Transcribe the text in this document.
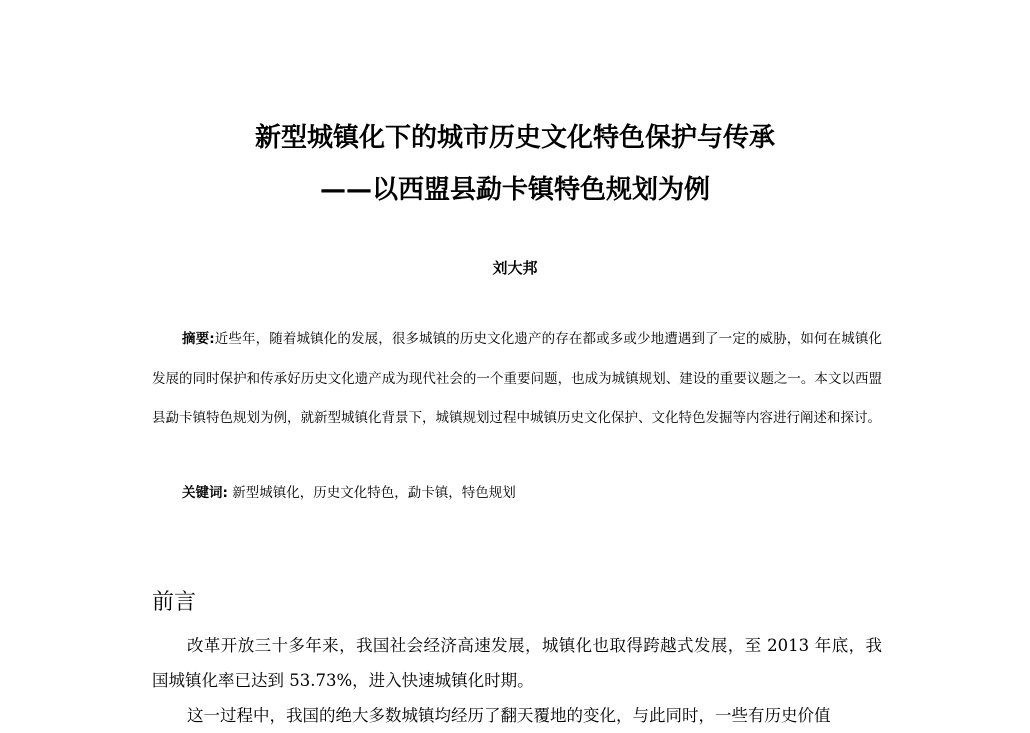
新型城镇化下的城市历史文化特色保护与传承
——以西盟县勐卡镇特色规划为例
刘大邦

摘要:近些年，随着城镇化的发展，很多城镇的历史文化遗产的存在都或多或少地遭遇到了一定的威胁，如何在城镇化发展的同时保护和传承好历史文化遗产成为现代社会的一个重要问题，也成为城镇规划、建设的重要议题之一。本文以西盟县勐卡镇特色规划为例，就新型城镇化背景下，城镇规划过程中城镇历史文化保护、文化特色发掘等内容进行阐述和探讨。

关键词: 新型城镇化，历史文化特色，勐卡镇，特色规划

前言

改革开放三十多年来，我国社会经济高速发展，城镇化也取得跨越式发展，至 2013 年底，我国城镇化率已达到 53.73%，进入快速城镇化时期。

这一过程中，我国的绝大多数城镇均经历了翻天覆地的变化，与此同时，一些有历史价值
